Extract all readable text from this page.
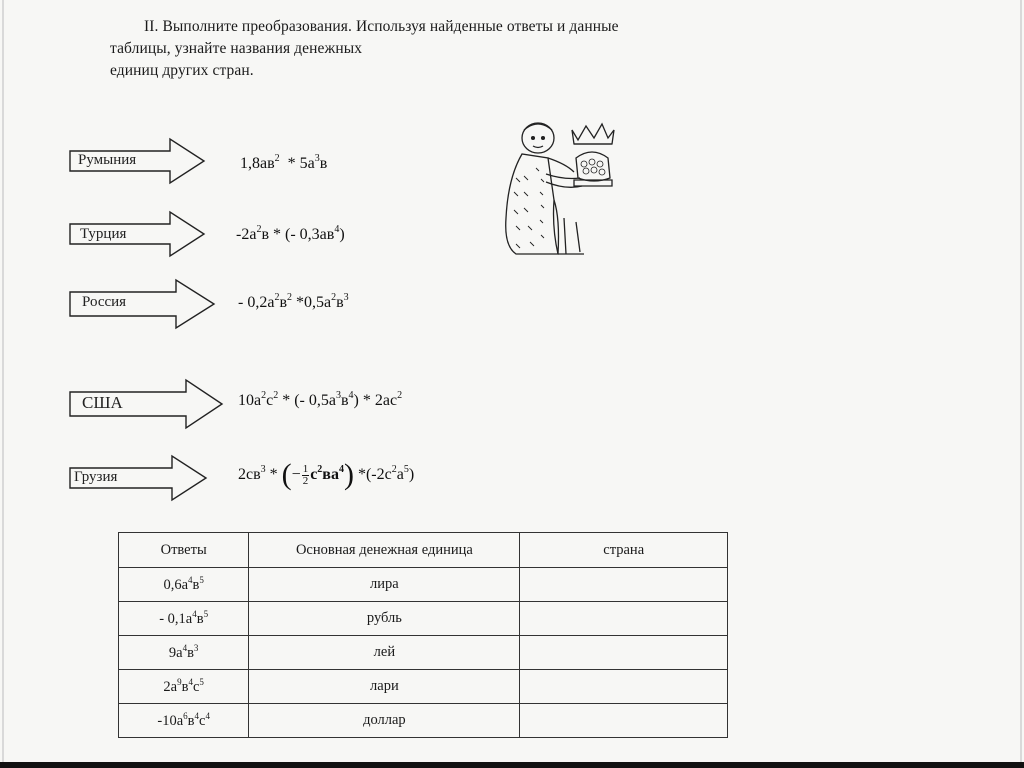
II. Выполните преобразования. Используя найденные ответы и данные
таблицы, узнайте названия денежных
единиц других стран.
Румыния	$1,8ав^2 * 5а^3в$
Турция	$-2а^2в$ * (- $0,3ав^4$)
Россия	- $0,2а^2в^2$ $*0,5а^2в^3$
США	$10а^2с^2$ * (- $0,5а^3в^4) * 2ас^2$
Грузия	$2св^3$ * (− $\frac{1}{2} с^2ва^4$) $*(-2с^2а^5)$
Ответы	Основная денежная единица	страна
$0,6а^4в^5$	лира	
- $0,1а^4в^5$	рубль	
$9а^4в^3$	лей	
$2а^9в^4с^5$	лари	
$-10а^6в^4с^4$	доллар	
